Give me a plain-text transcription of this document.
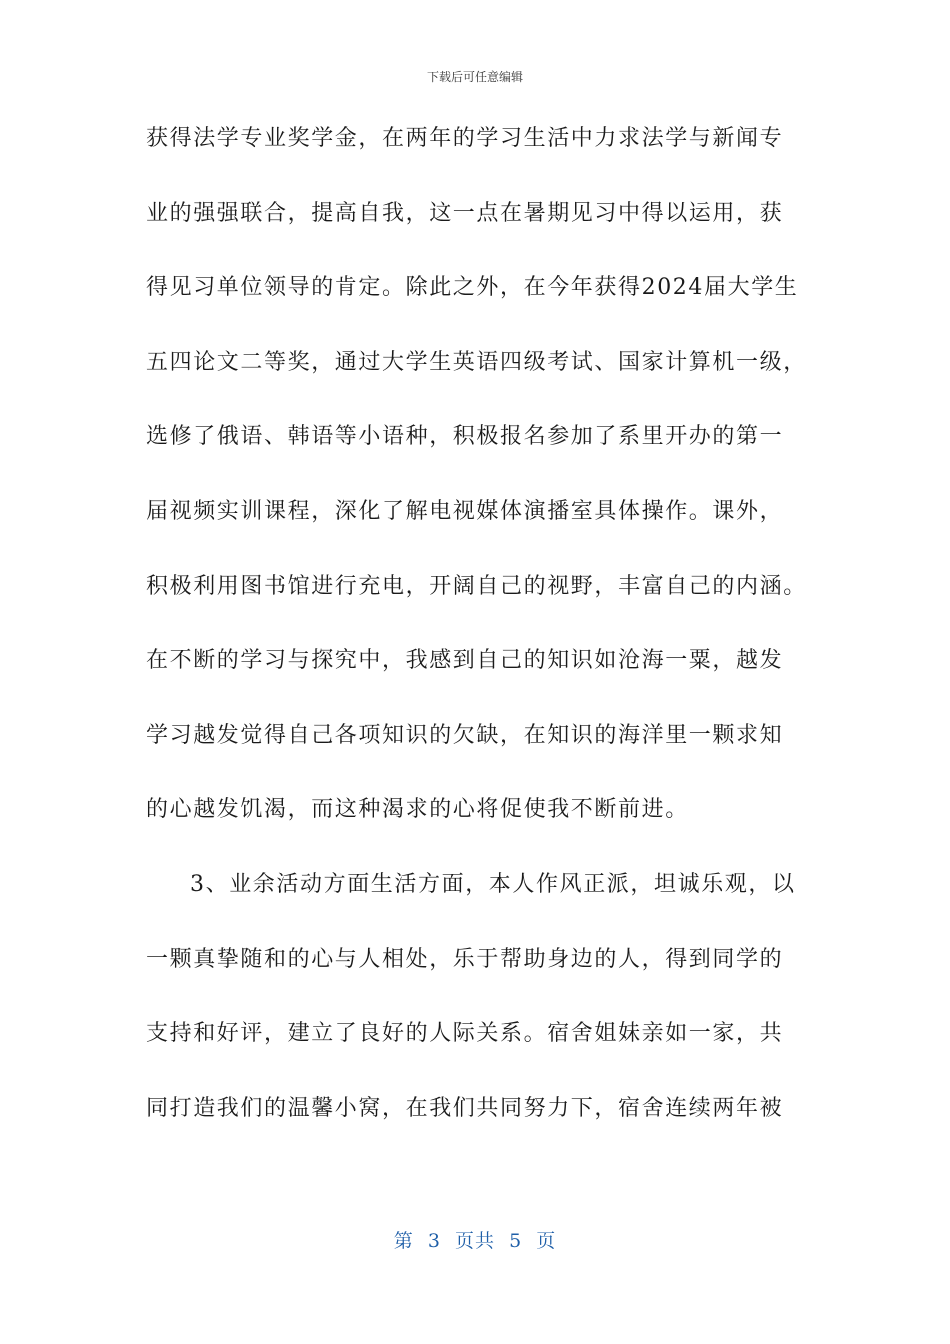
下载后可任意编辑
获得法学专业奖学金，在两年的学习生活中力求法学与新闻专
业的强强联合，提高自我，这一点在暑期见习中得以运用，获
得见习单位领导的肯定。除此之外，在今年获得2024届大学生
五四论文二等奖，通过大学生英语四级考试、国家计算机一级，
选修了俄语、韩语等小语种，积极报名参加了系里开办的第一
届视频实训课程，深化了解电视媒体演播室具体操作。课外，
积极利用图书馆进行充电，开阔自己的视野，丰富自己的内涵。
在不断的学习与探究中，我感到自己的知识如沧海一粟，越发
学习越发觉得自己各项知识的欠缺，在知识的海洋里一颗求知
的心越发饥渴，而这种渴求的心将促使我不断前进。
3、业余活动方面生活方面，本人作风正派，坦诚乐观，以
一颗真挚随和的心与人相处，乐于帮助身边的人，得到同学的
支持和好评，建立了良好的人际关系。宿舍姐妹亲如一家，共
同打造我们的温馨小窝，在我们共同努力下，宿舍连续两年被
第  3  页共  5  页
